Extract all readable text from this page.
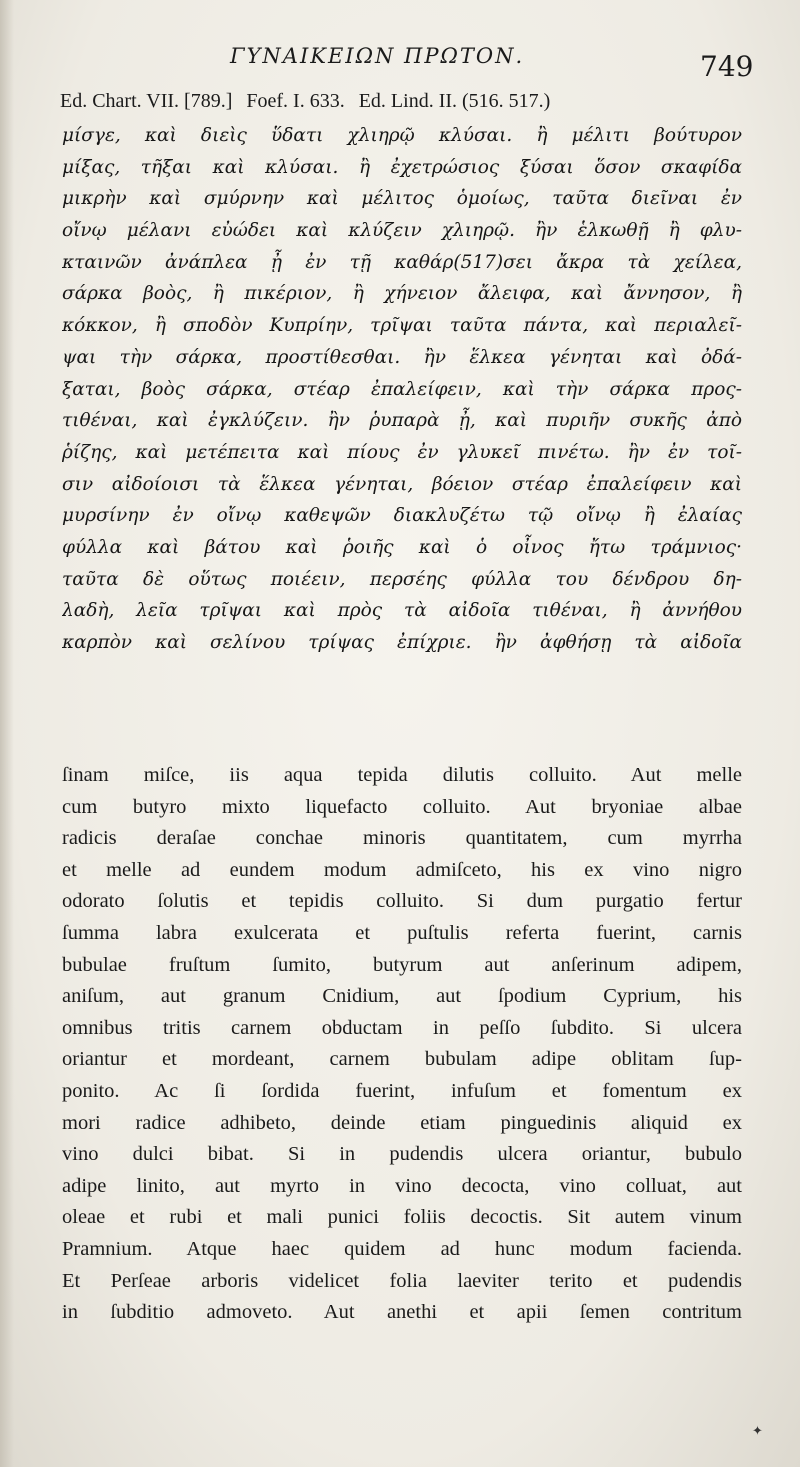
ΓΥΝΑΙΚΕΙΩΝ ΠΡΩΤΟΝ.	749
Ed. Chart. VII. [789.] Foef. I. 633. Ed. Lind. II. (516. 517.)
μίσγε, καὶ διεὶς ὕδατι χλιηρῷ κλύσαι. ἢ μέλιτι βούτυρον
μίξας, τῆξαι καὶ κλύσαι. ἢ ἐχετρώσιος ξύσαι ὅσον σκαφίδα
μικρὴν καὶ σμύρνην καὶ μέλιτος ὁμοίως, ταῦτα διεῖναι ἐν
οἴνῳ μέλανι εὐώδει καὶ κλύζειν χλιηρῷ. ἢν ἑλκωθῇ ἢ φλυ-
κταινῶν ἀνάπλεα ᾖ ἐν τῇ καθάρ(517)σει ἄκρα τὰ χείλεα,
σάρκα βοὸς, ἢ πικέριον, ἢ χήνειον ἄλειφα, καὶ ἄννησον, ἢ
κόκκον, ἢ σποδὸν Κυπρίην, τρῖψαι ταῦτα πάντα, καὶ περιαλεῖ-
ψαι τὴν σάρκα, προστίθεσθαι. ἢν ἕλκεα γένηται καὶ ὀδά-
ξαται, βοὸς σάρκα, στέαρ ἐπαλείφειν, καὶ τὴν σάρκα προς-
τιθέναι, καὶ ἐγκλύζειν. ἢν ῥυπαρὰ ᾖ, καὶ πυριῆν συκῆς ἀπὸ
ῥίζης, καὶ μετέπειτα καὶ πίους ἐν γλυκεῖ πινέτω. ἢν ἐν τοῖ-
σιν αἰδοίοισι τὰ ἕλκεα γένηται, βόειον στέαρ ἐπαλείφειν καὶ
μυρσίνην ἐν οἴνῳ καθεψῶν διακλυζέτω τῷ οἴνῳ ἢ ἐλαίας
φύλλα καὶ βάτου καὶ ῥοιῆς καὶ ὁ οἶνος ἤτω τράμνιος·
ταῦτα δὲ οὕτως ποιέειν, περσέης φύλλα του δένδρου δη-
λαδὴ, λεῖα τρῖψαι καὶ πρὸς τὰ αἰδοῖα τιθέναι, ἢ ἀννήθου
καρπὸν καὶ σελίνου τρίψας ἐπίχριε. ἢν ἀφθήσῃ τὰ αἰδοῖα
ſinam miſce, iis aqua tepida dilutis colluito. Aut melle
cum butyro mixto liquefacto colluito. Aut bryoniae albae
radicis deraſae conchae minoris quantitatem, cum myrrha
et melle ad eundem modum admiſceto, his ex vino nigro
odorato ſolutis et tepidis colluito. Si dum purgatio fertur
ſumma labra exulcerata et puſtulis referta fuerint, carnis
bubulae fruſtum ſumito, butyrum aut anſerinum adipem,
aniſum, aut granum Cnidium, aut ſpodium Cyprium, his
omnibus tritis carnem obductam in peſſo ſubdito. Si ulcera
oriantur et mordeant, carnem bubulam adipe oblitam ſup-
ponito. Ac ſi ſordida fuerint, infuſum et fomentum ex
mori radice adhibeto, deinde etiam pinguedinis aliquid ex
vino dulci bibat. Si in pudendis ulcera oriantur, bubulo
adipe linito, aut myrto in vino decocta, vino colluat, aut
oleae et rubi et mali punici foliis decoctis. Sit autem vinum
Pramnium. Atque haec quidem ad hunc modum facienda.
Et Perſeae arboris videlicet folia laeviter terito et pudendis
in ſubditio admoveto. Aut anethi et apii ſemen contritum
✦
